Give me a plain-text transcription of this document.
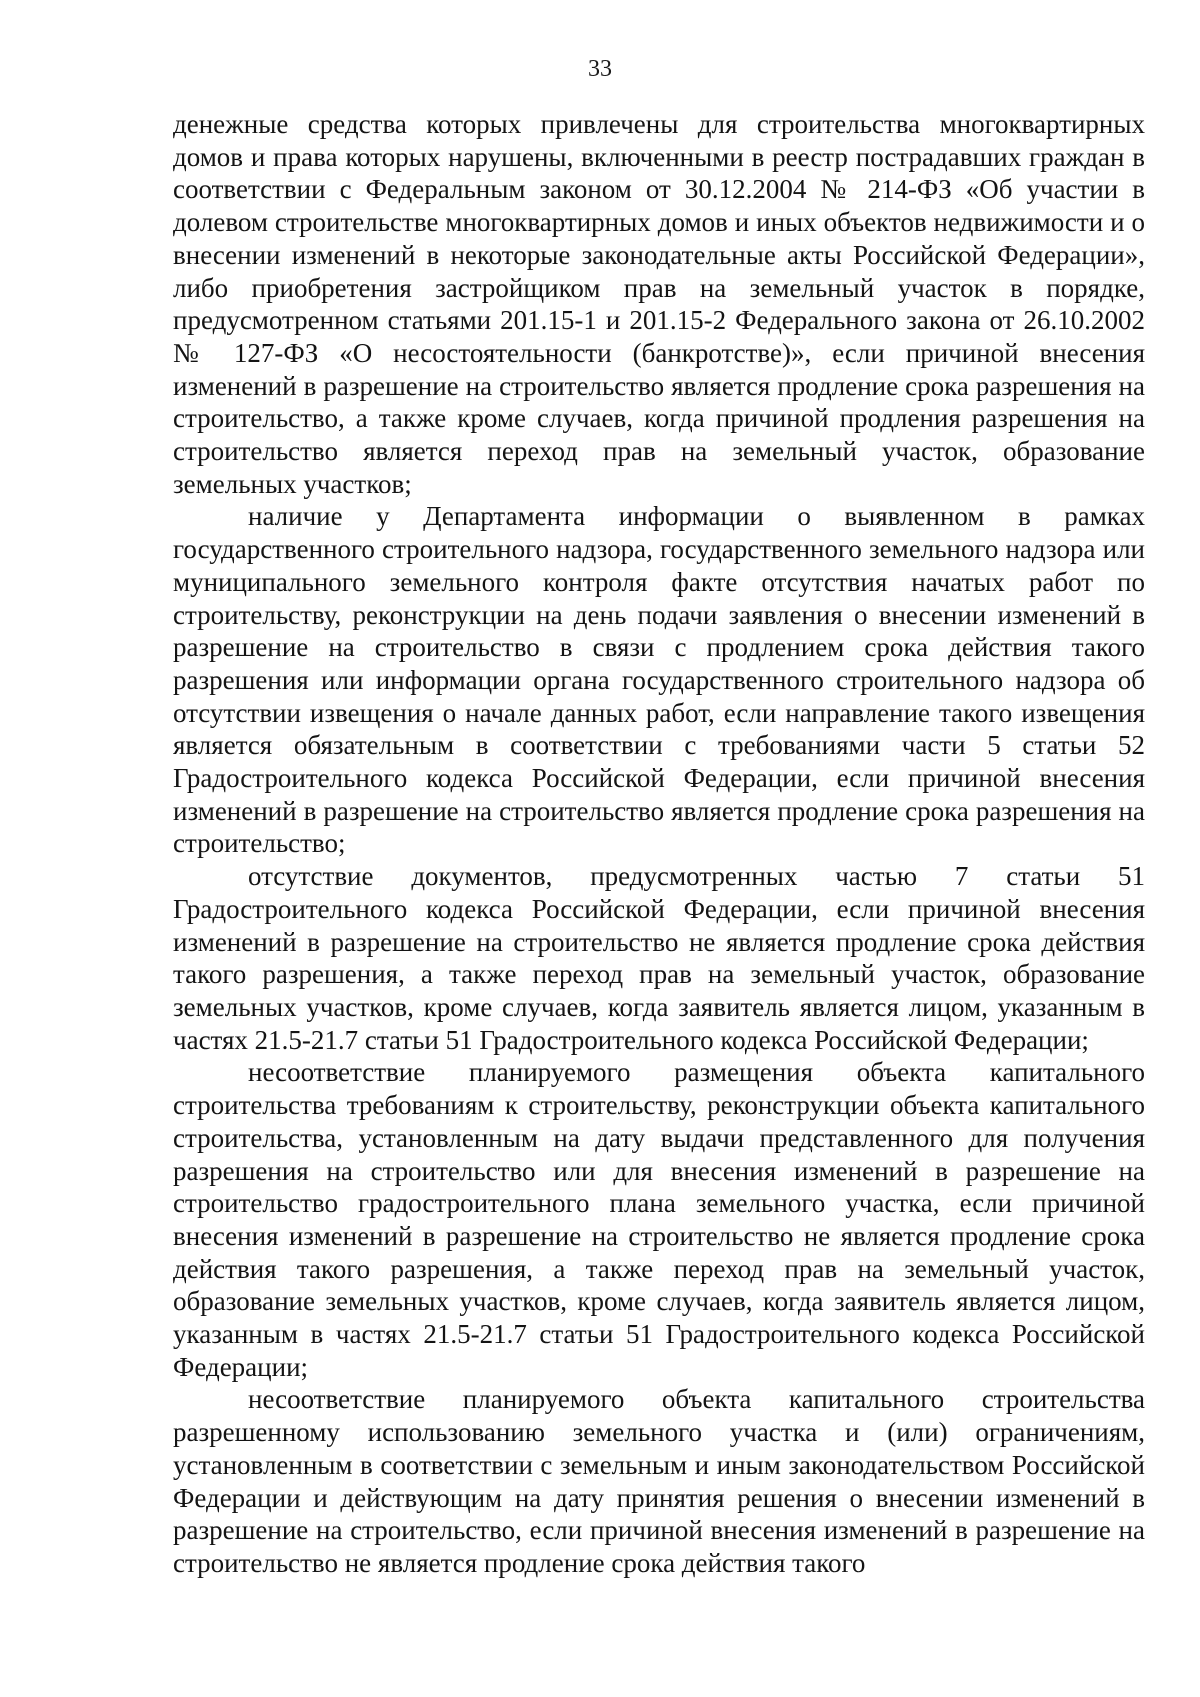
33

денежные средства которых привлечены для строительства многоквартирных домов и права которых нарушены, включенными в реестр пострадавших граждан в соответствии с Федеральным законом от 30.12.2004 № 214-ФЗ «Об участии в долевом строительстве многоквартирных домов и иных объектов недвижимости и о внесении изменений в некоторые законодательные акты Российской Федерации», либо приобретения застройщиком прав на земельный участок в порядке, предусмотренном статьями 201.15-1 и 201.15-2 Федерального закона от 26.10.2002 № 127-ФЗ «О несостоятельности (банкротстве)», если причиной внесения изменений в разрешение на строительство является продление срока разрешения на строительство, а также кроме случаев, когда причиной продления разрешения на строительство является переход прав на земельный участок, образование земельных участков;

наличие у Департамента информации о выявленном в рамках государственного строительного надзора, государственного земельного надзора или муниципального земельного контроля факте отсутствия начатых работ по строительству, реконструкции на день подачи заявления о внесении изменений в разрешение на строительство в связи с продлением срока действия такого разрешения или информации органа государственного строительного надзора об отсутствии извещения о начале данных работ, если направление такого извещения является обязательным в соответствии с требованиями части 5 статьи 52 Градостроительного кодекса Российской Федерации, если причиной внесения изменений в разрешение на строительство является продление срока разрешения на строительство;

отсутствие документов, предусмотренных частью 7 статьи 51 Градостроительного кодекса Российской Федерации, если причиной внесения изменений в разрешение на строительство не является продление срока действия такого разрешения, а также переход прав на земельный участок, образование земельных участков, кроме случаев, когда заявитель является лицом, указанным в частях 21.5-21.7 статьи 51 Градостроительного кодекса Российской Федерации;

несоответствие планируемого размещения объекта капитального строительства требованиям к строительству, реконструкции объекта капитального строительства, установленным на дату выдачи представленного для получения разрешения на строительство или для внесения изменений в разрешение на строительство градостроительного плана земельного участка, если причиной внесения изменений в разрешение на строительство не является продление срока действия такого разрешения, а также переход прав на земельный участок, образование земельных участков, кроме случаев, когда заявитель является лицом, указанным в частях 21.5-21.7 статьи 51 Градостроительного кодекса Российской Федерации;

несоответствие планируемого объекта капитального строительства разрешенному использованию земельного участка и (или) ограничениям, установленным в соответствии с земельным и иным законодательством Российской Федерации и действующим на дату принятия решения о внесении изменений в разрешение на строительство, если причиной внесения изменений в разрешение на строительство не является продление срока действия такого
